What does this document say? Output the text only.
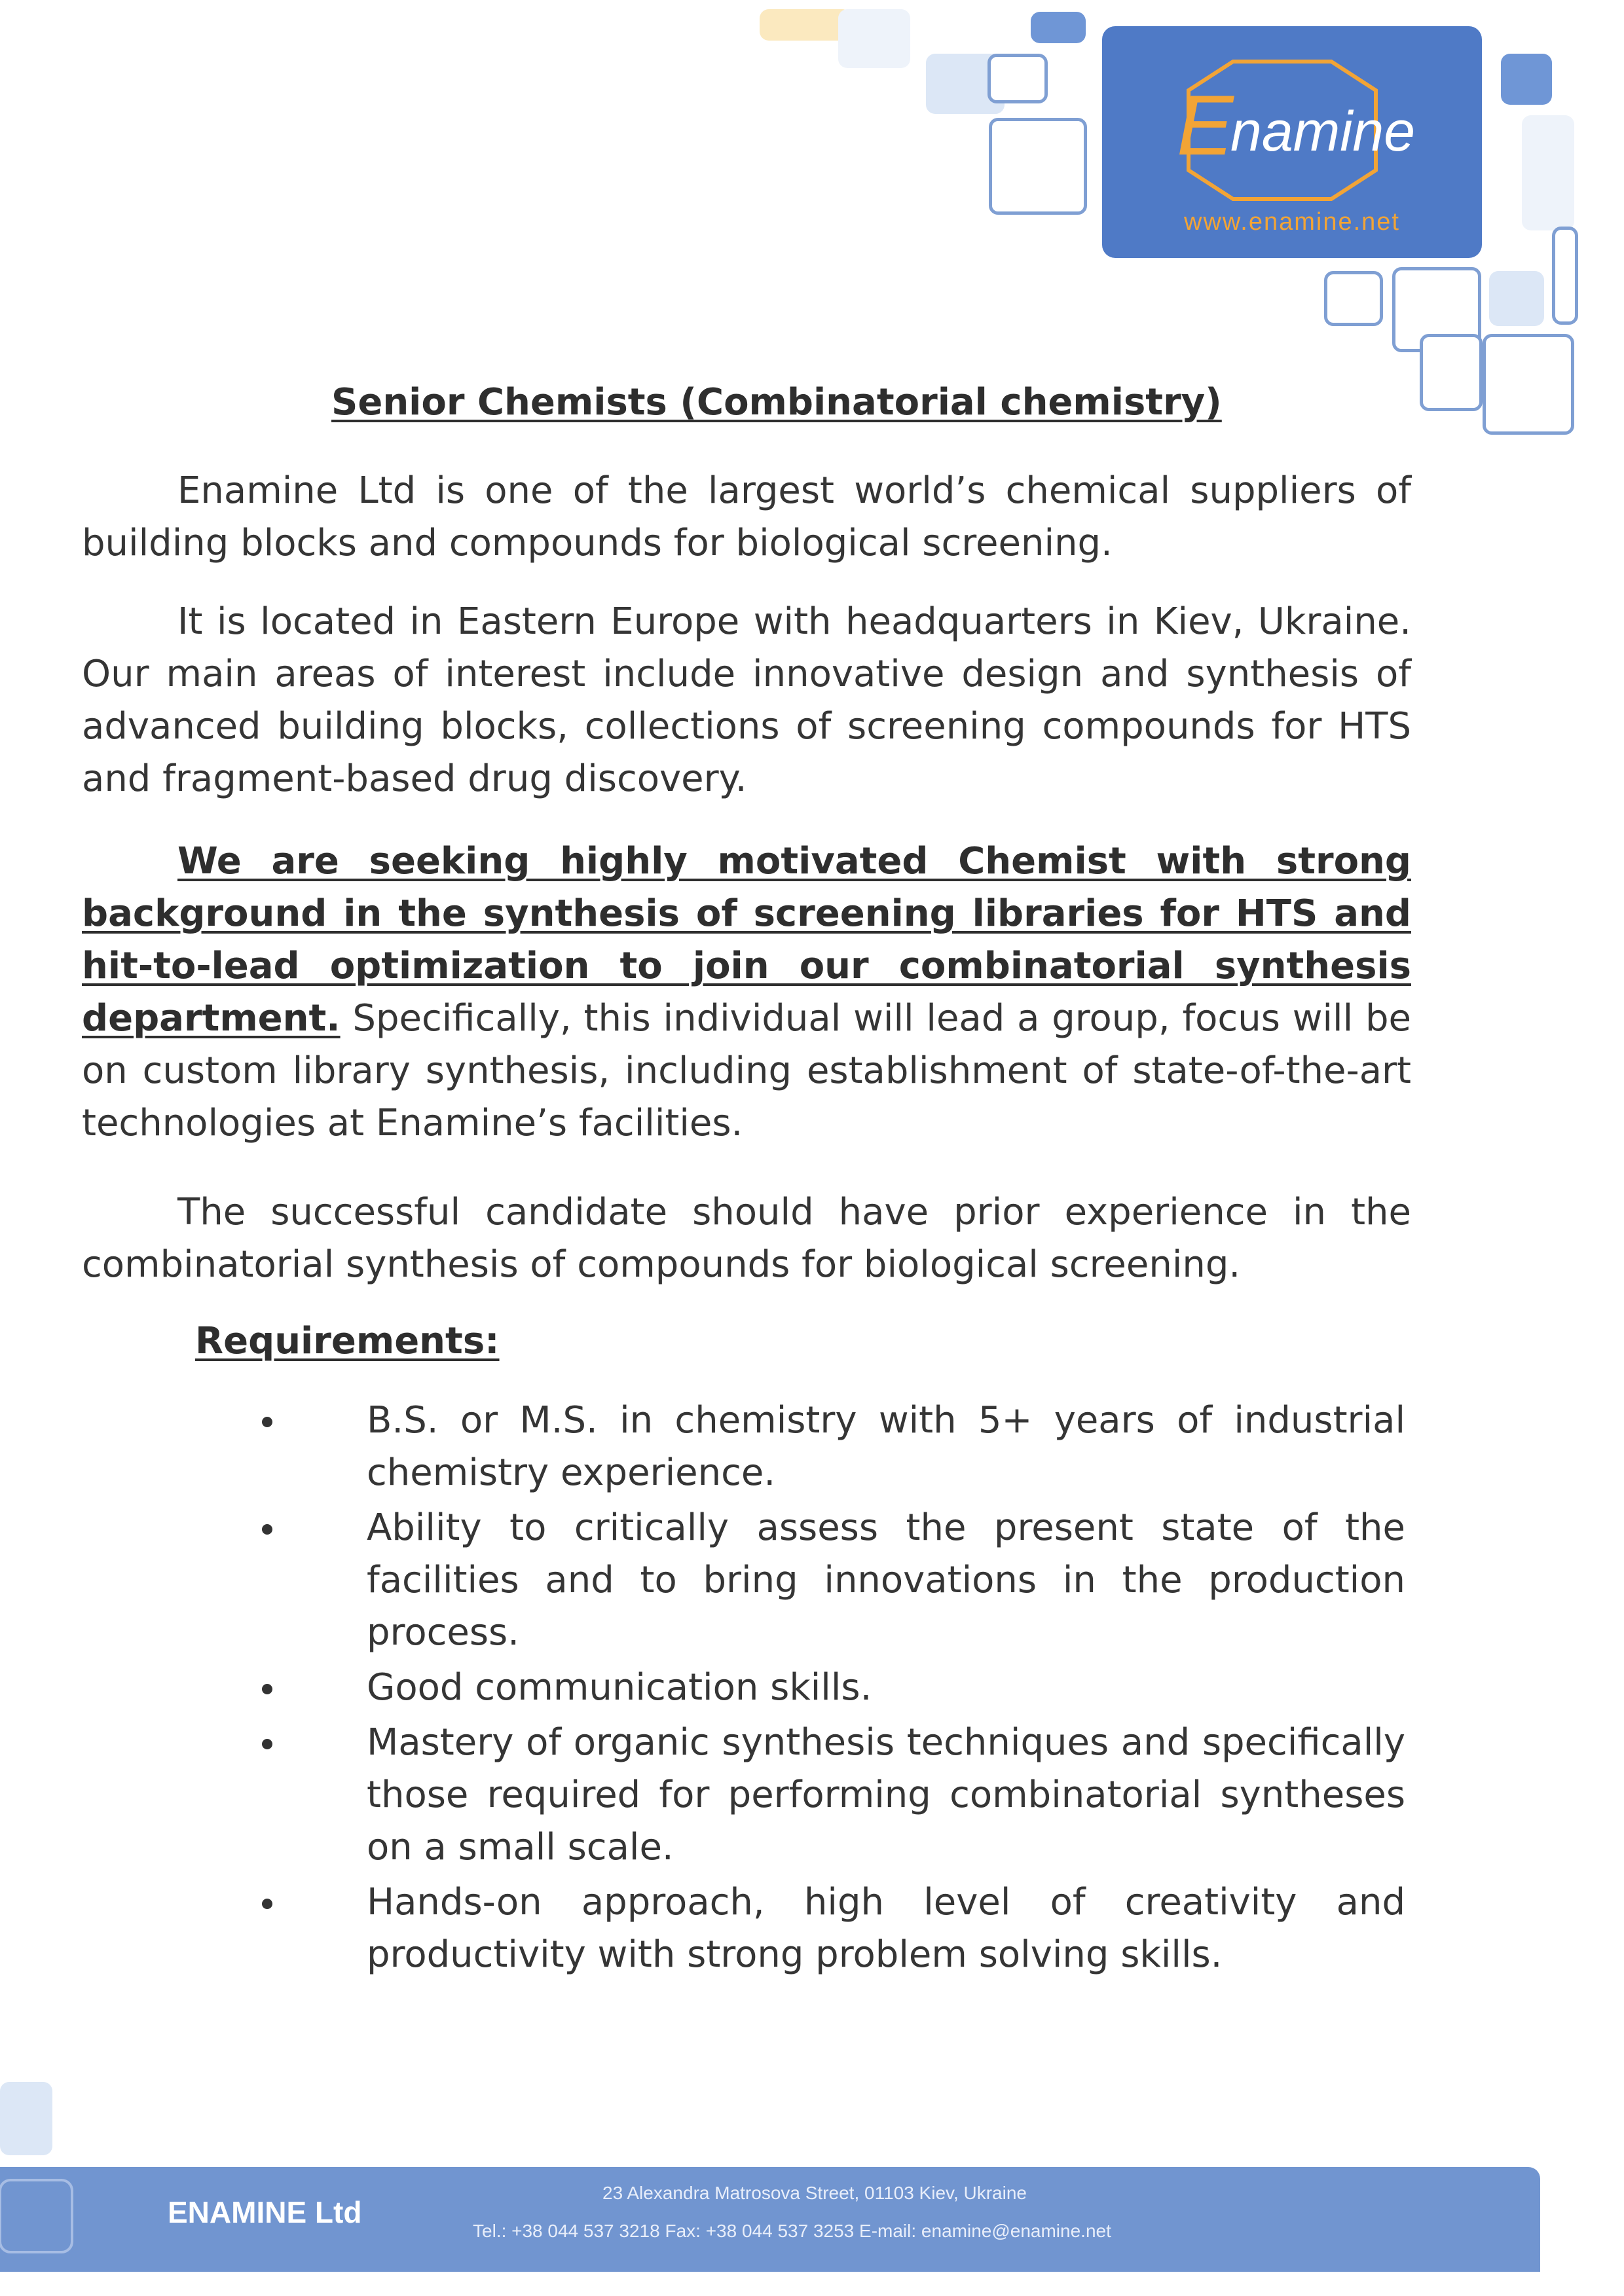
E
namine
www.enamine.net
Senior Chemists (Combinatorial chemistry)

Enamine Ltd is one of the largest world’s chemical suppliers of building blocks and compounds for biological screening.

It is located in Eastern Europe with headquarters in Kiev, Ukraine. Our main areas of interest include innovative design and synthesis of advanced building blocks, collections of screening compounds for HTS and fragment-based drug discovery.

We are seeking highly motivated Chemist with strong background in the synthesis of screening libraries for HTS and hit-to-lead optimization to join our combinatorial synthesis department. Specifically, this individual will lead a group, focus will be on custom library synthesis, including establishment of state-of-the-art technologies at Enamine’s facilities.

The successful candidate should have prior experience in the combinatorial synthesis of compounds for biological screening.

Requirements:
B.S. or M.S. in chemistry with 5+ years of industrial chemistry experience.
Ability to critically assess the present state of the facilities and to bring innovations in the production process.
Good communication skills.
Mastery of organic synthesis techniques and specifically those required for performing combinatorial syntheses on a small scale.
Hands-on approach, high level of creativity and productivity with strong problem solving skills.
ENAMINE Ltd
23 Alexandra Matrosova Street, 01103 Kiev, Ukraine
Tel.: +38 044 537 3218 Fax: +38 044 537 3253 E-mail: enamine@enamine.net
